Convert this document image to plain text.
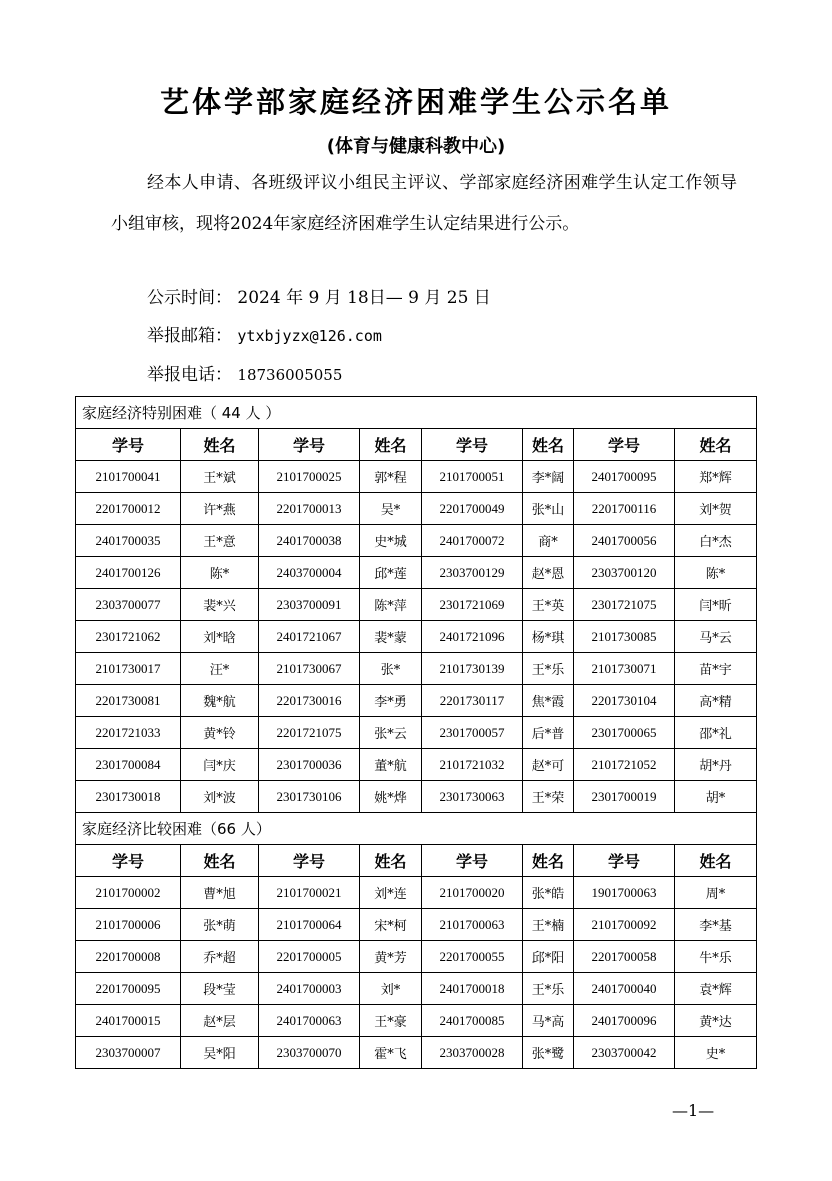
艺体学部家庭经济困难学生公示名单
(体育与健康科教中心)
经本人申请、各班级评议小组民主评议、学部家庭经济困难学生认定工作领导小组审核，现将2024年家庭经济困难学生认定结果进行公示。
公示时间： 2024 年 9 月 18日— 9 月 25 日
举报邮箱： ytxbjyzx@126.com
举报电话： 18736005055
家庭经济特别困难（ 44 人 ）							
学号	姓名	学号	姓名	学号	姓名	学号	姓名
2101700041	王*斌	2101700025	郭*程	2101700051	李*阔	2401700095	郑*辉
2201700012	许*燕	2201700013	吴*	2201700049	张*山	2201700116	刘*贺
2401700035	王*意	2401700038	史*城	2401700072	商*	2401700056	白*杰
2401700126	陈*	2403700004	邱*莲	2303700129	赵*恩	2303700120	陈*
2303700077	裴*兴	2303700091	陈*萍	2301721069	王*英	2301721075	闫*昕
2301721062	刘*晗	2401721067	裴*蒙	2401721096	杨*琪	2101730085	马*云
2101730017	汪*	2101730067	张*	2101730139	王*乐	2101730071	苗*宇
2201730081	魏*航	2201730016	李*勇	2201730117	焦*霞	2201730104	高*精
2201721033	黄*铃	2201721075	张*云	2301700057	后*普	2301700065	邵*礼
2301700084	闫*庆	2301700036	董*航	2101721032	赵*可	2101721052	胡*丹
2301730018	刘*波	2301730106	姚*烨	2301730063	王*荣	2301700019	胡*
家庭经济比较困难（66 人）							
学号	姓名	学号	姓名	学号	姓名	学号	姓名
2101700002	曹*旭	2101700021	刘*连	2101700020	张*皓	1901700063	周*
2101700006	张*萌	2101700064	宋*柯	2101700063	王*楠	2101700092	李*基
2201700008	乔*超	2201700005	黄*芳	2201700055	邱*阳	2201700058	牛*乐
2201700095	段*莹	2401700003	刘*	2401700018	王*乐	2401700040	袁*辉
2401700015	赵*层	2401700063	王*豪	2401700085	马*高	2401700096	黄*达
2303700007	吴*阳	2303700070	霍*飞	2303700028	张*鹭	2303700042	史*
—1—
